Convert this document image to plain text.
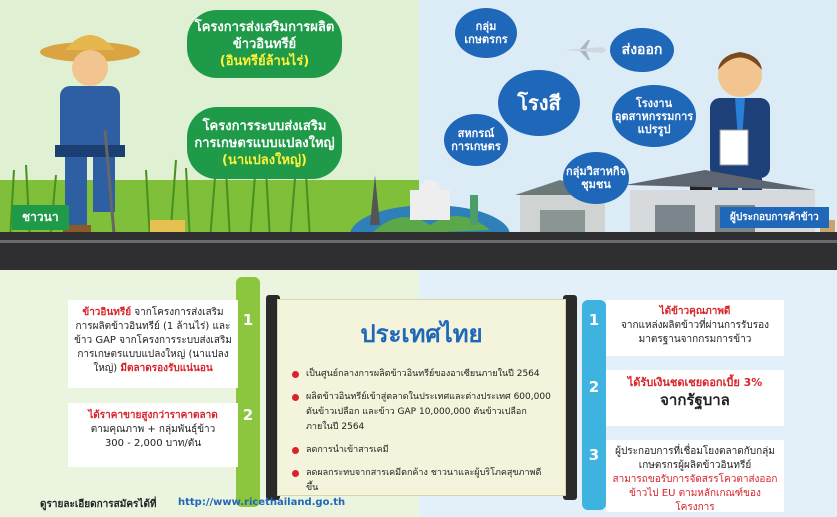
โครงการส่งเสริมการผลิต
ข้าวอินทรีย์
(อินทรีย์ล้านไร่)
โครงการระบบส่งเสริม
การเกษตรแบบแปลงใหญ่
(นาแปลงใหญ่)
กลุ่มเกษตรกร
ส่งออก
โรงสี	โรงงานอุตสาหกรรมการแปรรูป
สหกรณ์การเกษตร
กลุ่มวิสาหกิจชุมชน
ชาวนา	ผู้ประกอบการค้าข้าว
ข้าวอินทรีย์ จากโครงการส่งเสริมการผลิตข้าวอินทรีย์ (1 ล้านไร่) และข้าว GAP จากโครงการระบบส่งเสริมการเกษตรแบบแปลงใหญ่ (นาแปลงใหญ่) มีตลาดรองรับแน่นอน
1
ได้ราคาขายสูงกว่าราคาตลาด
ตามคุณภาพ + กลุ่มพันธุ์ข้าว
300 - 2,000 บาท/ตัน
2
ประเทศไทย
เป็นศูนย์กลางการผลิตข้าวอินทรีย์ของอาเซียนภายในปี 2564
ผลิตข้าวอินทรีย์เข้าสู่ตลาดในประเทศและต่างประเทศ 600,000 ตันข้าวเปลือก และข้าว GAP 10,000,000 ตันข้าวเปลือก ภายในปี 2564
ลดการนำเข้าสารเคมี
ลดผลกระทบจากสารเคมีตกค้าง ชาวนาและผู้บริโภคสุขภาพดีขึ้น
1	ได้ข้าวคุณภาพดี
จากแหล่งผลิตข้าวที่ผ่านการรับรองมาตรฐานจากกรมการข้าว
2	ได้รับเงินชดเชยดอกเบี้ย 3%
จากรัฐบาล
3	ผู้ประกอบการที่เชื่อมโยงตลาดกับกลุ่มเกษตรกรผู้ผลิตข้าวอินทรีย์
สามารถขอรับการจัดสรรโควตาส่งออกข้าวไป EU ตามหลักเกณฑ์ของโครงการ
ดูรายละเอียดการสมัครได้ที่ http://www.ricethailand.go.th
